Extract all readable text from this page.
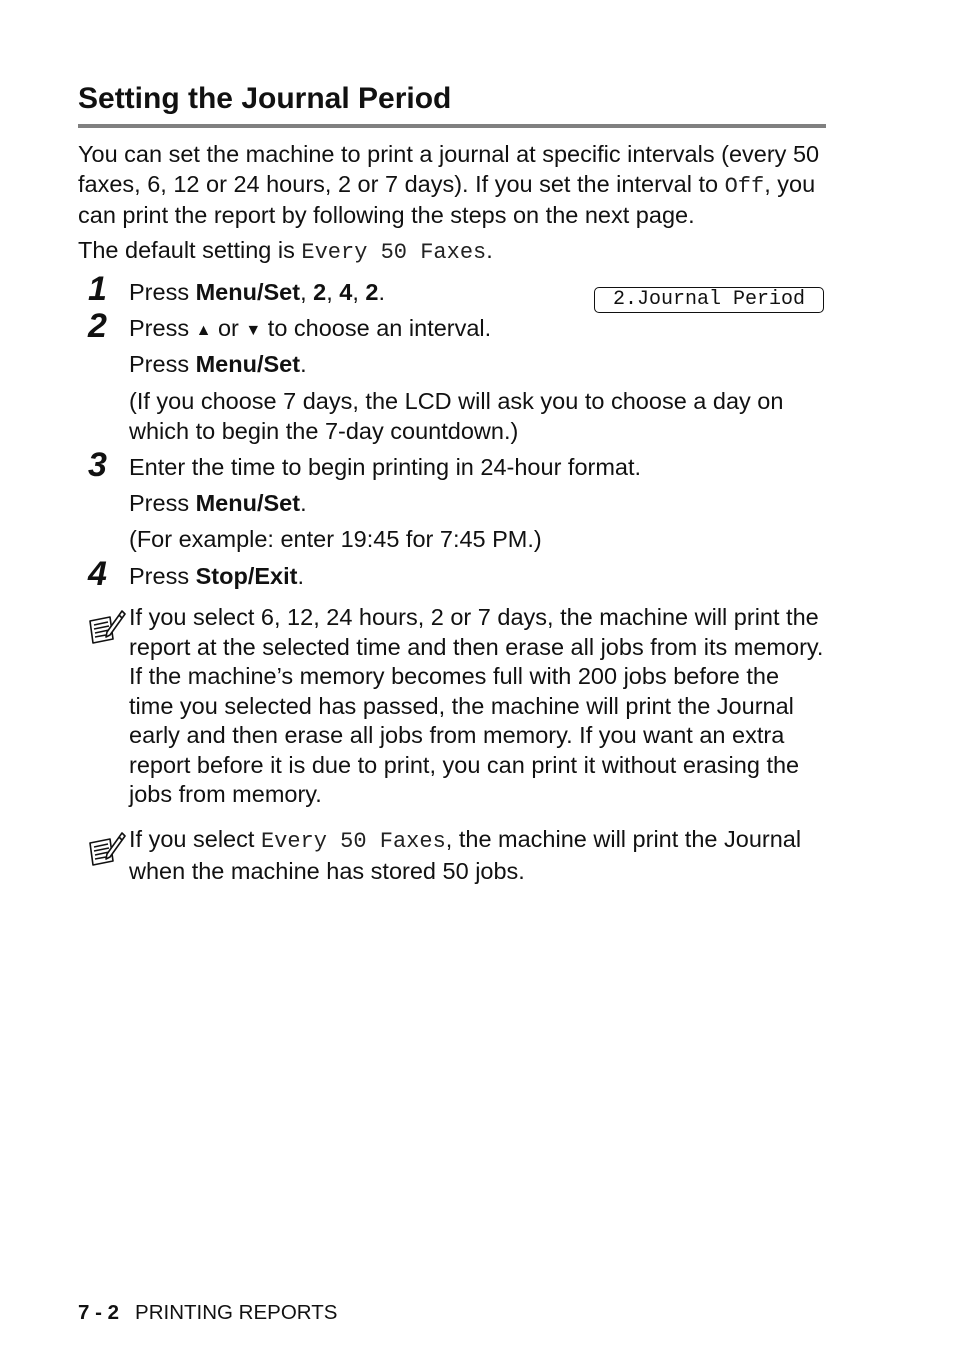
Setting the Journal Period
You can set the machine to print a journal at specific intervals (every 50 faxes, 6, 12 or 24 hours, 2 or 7 days). If you set the interval to Off, you can print the report by following the steps on the next page.
The default setting is Every 50 Faxes.
1 Press Menu/Set, 2, 4, 2.	2.Journal Period
2 Press ▲ or ▼ to choose an interval.
Press Menu/Set.
(If you choose 7 days, the LCD will ask you to choose a day on which to begin the 7-day countdown.)
3 Enter the time to begin printing in 24-hour format.
Press Menu/Set.
(For example: enter 19:45 for 7:45 PM.)
4 Press Stop/Exit.
If you select 6, 12, 24 hours, 2 or 7 days, the machine will print the report at the selected time and then erase all jobs from its memory. If the machine’s memory becomes full with 200 jobs before the time you selected has passed, the machine will print the Journal early and then erase all jobs from memory. If you want an extra report before it is due to print, you can print it without erasing the jobs from memory.
If you select Every 50 Faxes, the machine will print the Journal when the machine has stored 50 jobs.
7 - 2 PRINTING REPORTS
